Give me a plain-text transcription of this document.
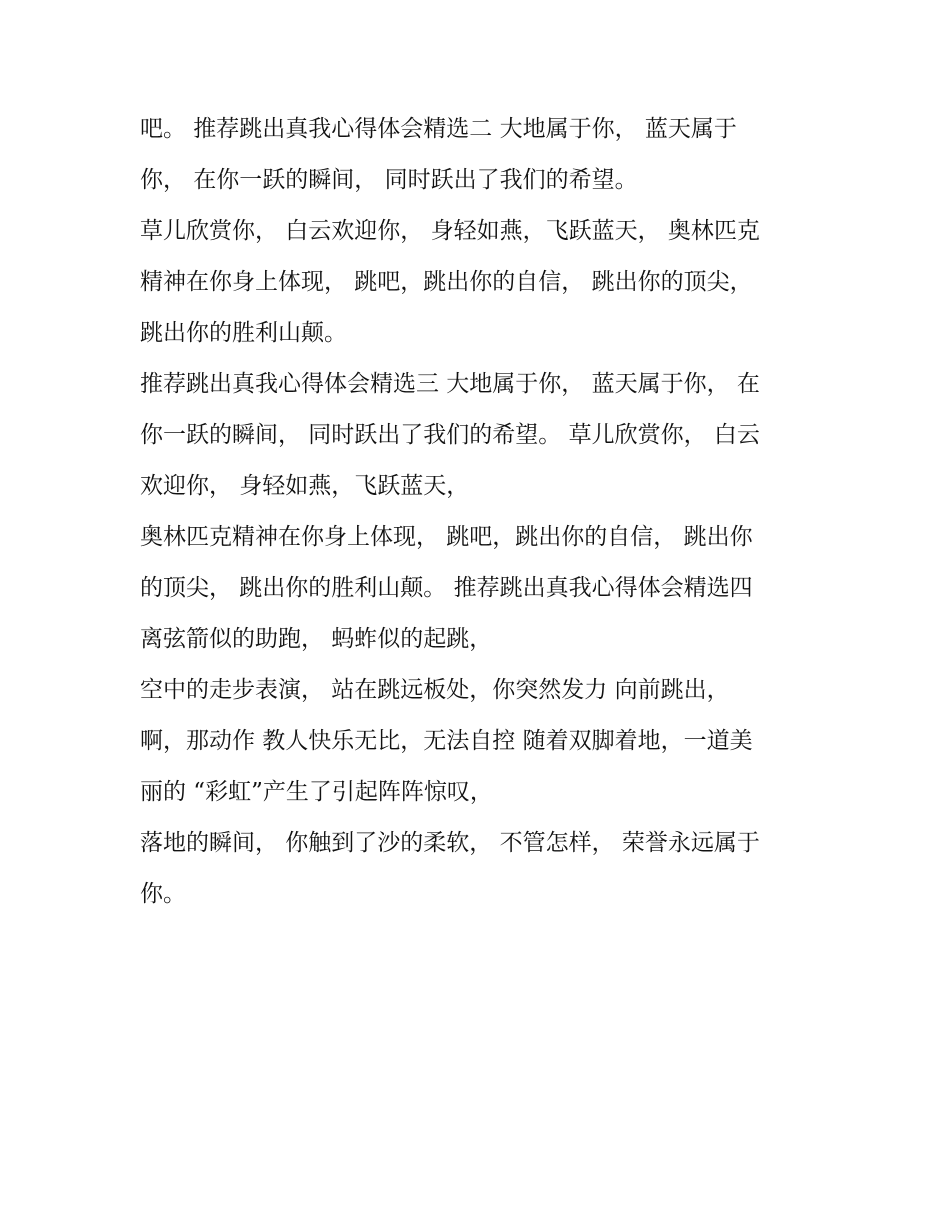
吧。 推荐跳出真我心得体会精选二 大地属于你， 蓝天属于
你， 在你一跃的瞬间， 同时跃出了我们的希望。
草儿欣赏你， 白云欢迎你， 身轻如燕，飞跃蓝天， 奥林匹克
精神在你身上体现， 跳吧，跳出你的自信， 跳出你的顶尖，
跳出你的胜利山颠。
推荐跳出真我心得体会精选三 大地属于你， 蓝天属于你， 在
你一跃的瞬间， 同时跃出了我们的希望。 草儿欣赏你， 白云
欢迎你， 身轻如燕，飞跃蓝天，
奥林匹克精神在你身上体现， 跳吧，跳出你的自信， 跳出你
的顶尖， 跳出你的胜利山颠。 推荐跳出真我心得体会精选四
离弦箭似的助跑， 蚂蚱似的起跳，
空中的走步表演， 站在跳远板处，你突然发力 向前跳出，
啊，那动作 教人快乐无比，无法自控 随着双脚着地，一道美
丽的 “彩虹”产生了引起阵阵惊叹，
落地的瞬间， 你触到了沙的柔软， 不管怎样， 荣誉永远属于
你。
